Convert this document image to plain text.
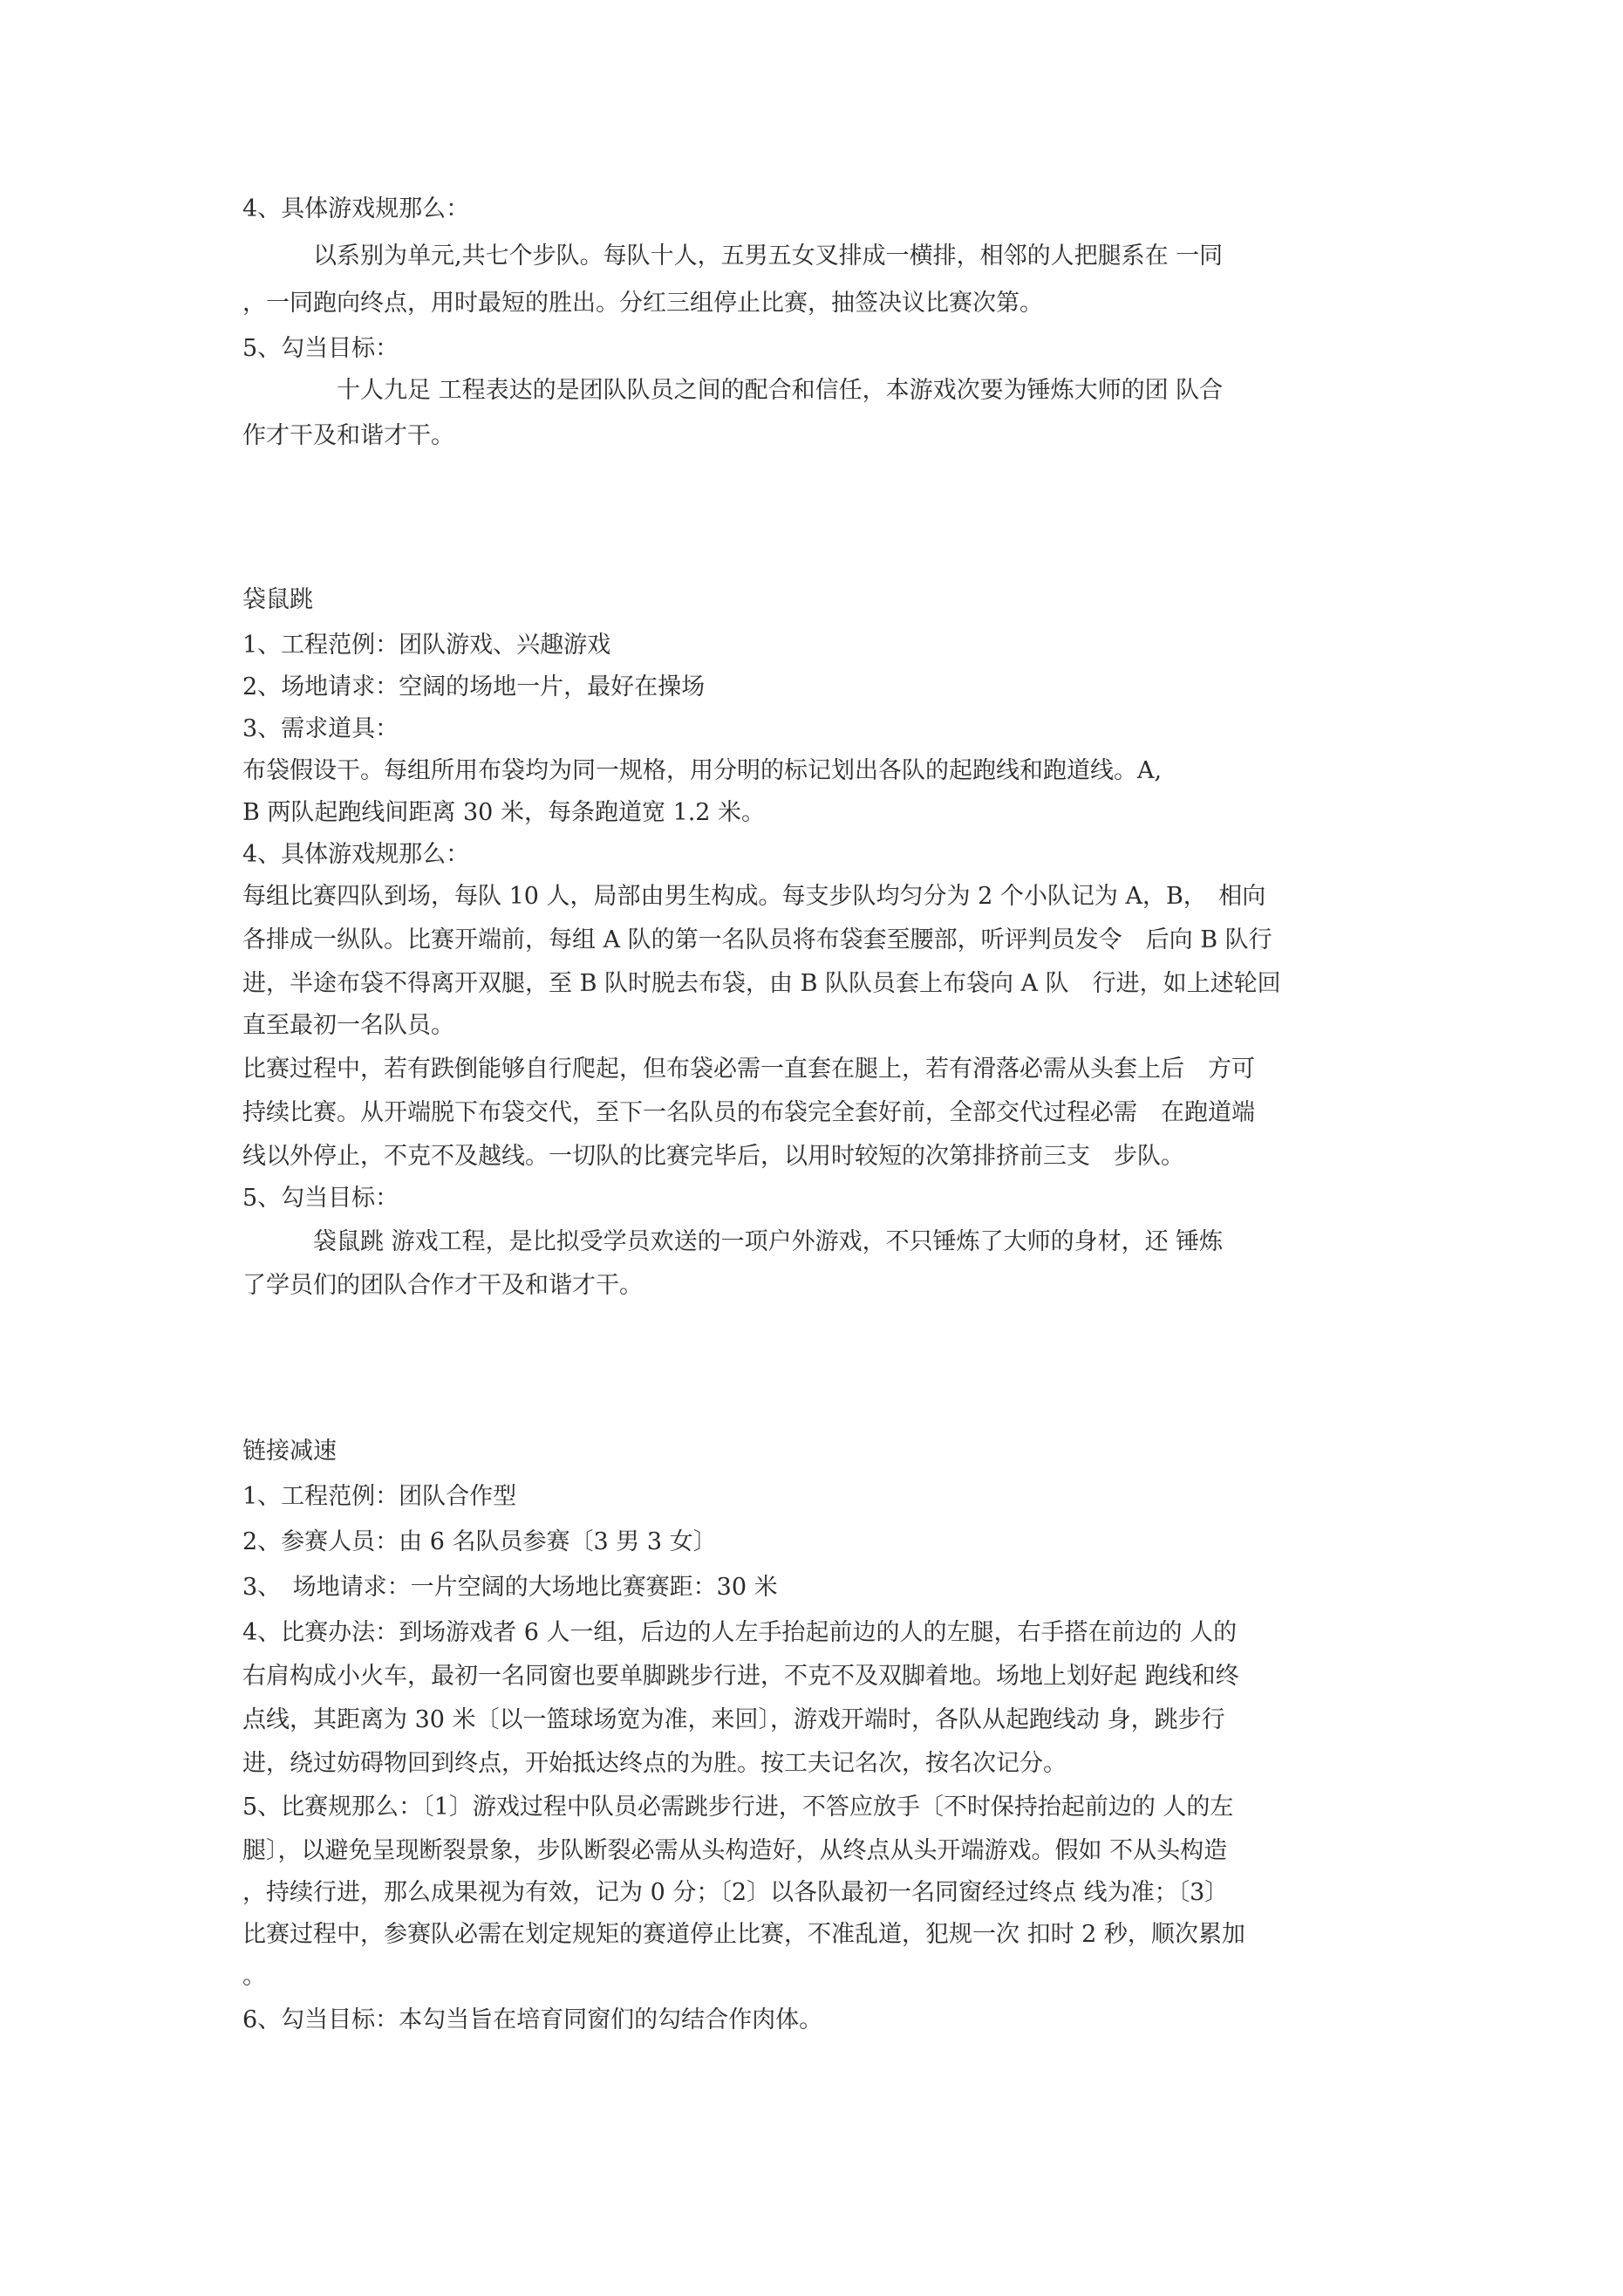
4、具体游戏规那么：
　　　以系别为单元,共七个步队。每队十人，五男五女叉排成一横排，相邻的人把腿系在 一同
，一同跑向终点，用时最短的胜出。分红三组停止比赛，抽签决议比赛次第。
5、勾当目标：
　　　　十人九足 工程表达的是团队队员之间的配合和信任，本游戏次要为锤炼大师的团 队合
作才干及和谐才干。
袋鼠跳
1、工程范例：团队游戏、兴趣游戏
2、场地请求：空阔的场地一片，最好在操场
3、需求道具：
布袋假设干。每组所用布袋均为同一规格，用分明的标记划出各队的起跑线和跑道线。A,
B 两队起跑线间距离 30 米，每条跑道宽 1.2 米。
4、具体游戏规那么：
每组比赛四队到场，每队 10 人，局部由男生构成。每支步队均匀分为 2 个小队记为 A，B，　相向
各排成一纵队。比赛开端前，每组 A 队的第一名队员将布袋套至腰部，听评判员发令　后向 B 队行
进，半途布袋不得离开双腿，至 B 队时脱去布袋，由 B 队队员套上布袋向 A 队　行进，如上述轮回
直至最初一名队员。
比赛过程中，若有跌倒能够自行爬起，但布袋必需一直套在腿上，若有滑落必需从头套上后　方可
持续比赛。从开端脱下布袋交代，至下一名队员的布袋完全套好前，全部交代过程必需　在跑道端
线以外停止，不克不及越线。一切队的比赛完毕后，以用时较短的次第排挤前三支　步队。
5、勾当目标：
　　　袋鼠跳 游戏工程，是比拟受学员欢送的一项户外游戏，不只锤炼了大师的身材，还 锤炼
了学员们的团队合作才干及和谐才干。
链接减速
1、工程范例：团队合作型
2、参赛人员：由 6 名队员参赛〔3 男 3 女〕
3、　场地请求：一片空阔的大场地比赛赛距：30 米
4、比赛办法：到场游戏者 6 人一组，后边的人左手抬起前边的人的左腿，右手搭在前边的 人的
右肩构成小火车，最初一名同窗也要单脚跳步行进，不克不及双脚着地。场地上划好起 跑线和终
点线，其距离为 30 米〔以一篮球场宽为准，来回〕，游戏开端时，各队从起跑线动 身，跳步行
进，绕过妨碍物回到终点，开始抵达终点的为胜。按工夫记名次，按名次记分。
5、比赛规那么：〔1〕游戏过程中队员必需跳步行进，不答应放手〔不时保持抬起前边的 人的左
腿〕，以避免呈现断裂景象，步队断裂必需从头构造好，从终点从头开端游戏。假如 不从头构造
，持续行进，那么成果视为有效，记为 0 分；〔2〕以各队最初一名同窗经过终点 线为准；〔3〕
比赛过程中，参赛队必需在划定规矩的赛道停止比赛，不准乱道，犯规一次 扣时 2 秒，顺次累加
。
6、勾当目标：本勾当旨在培育同窗们的勾结合作肉体。
